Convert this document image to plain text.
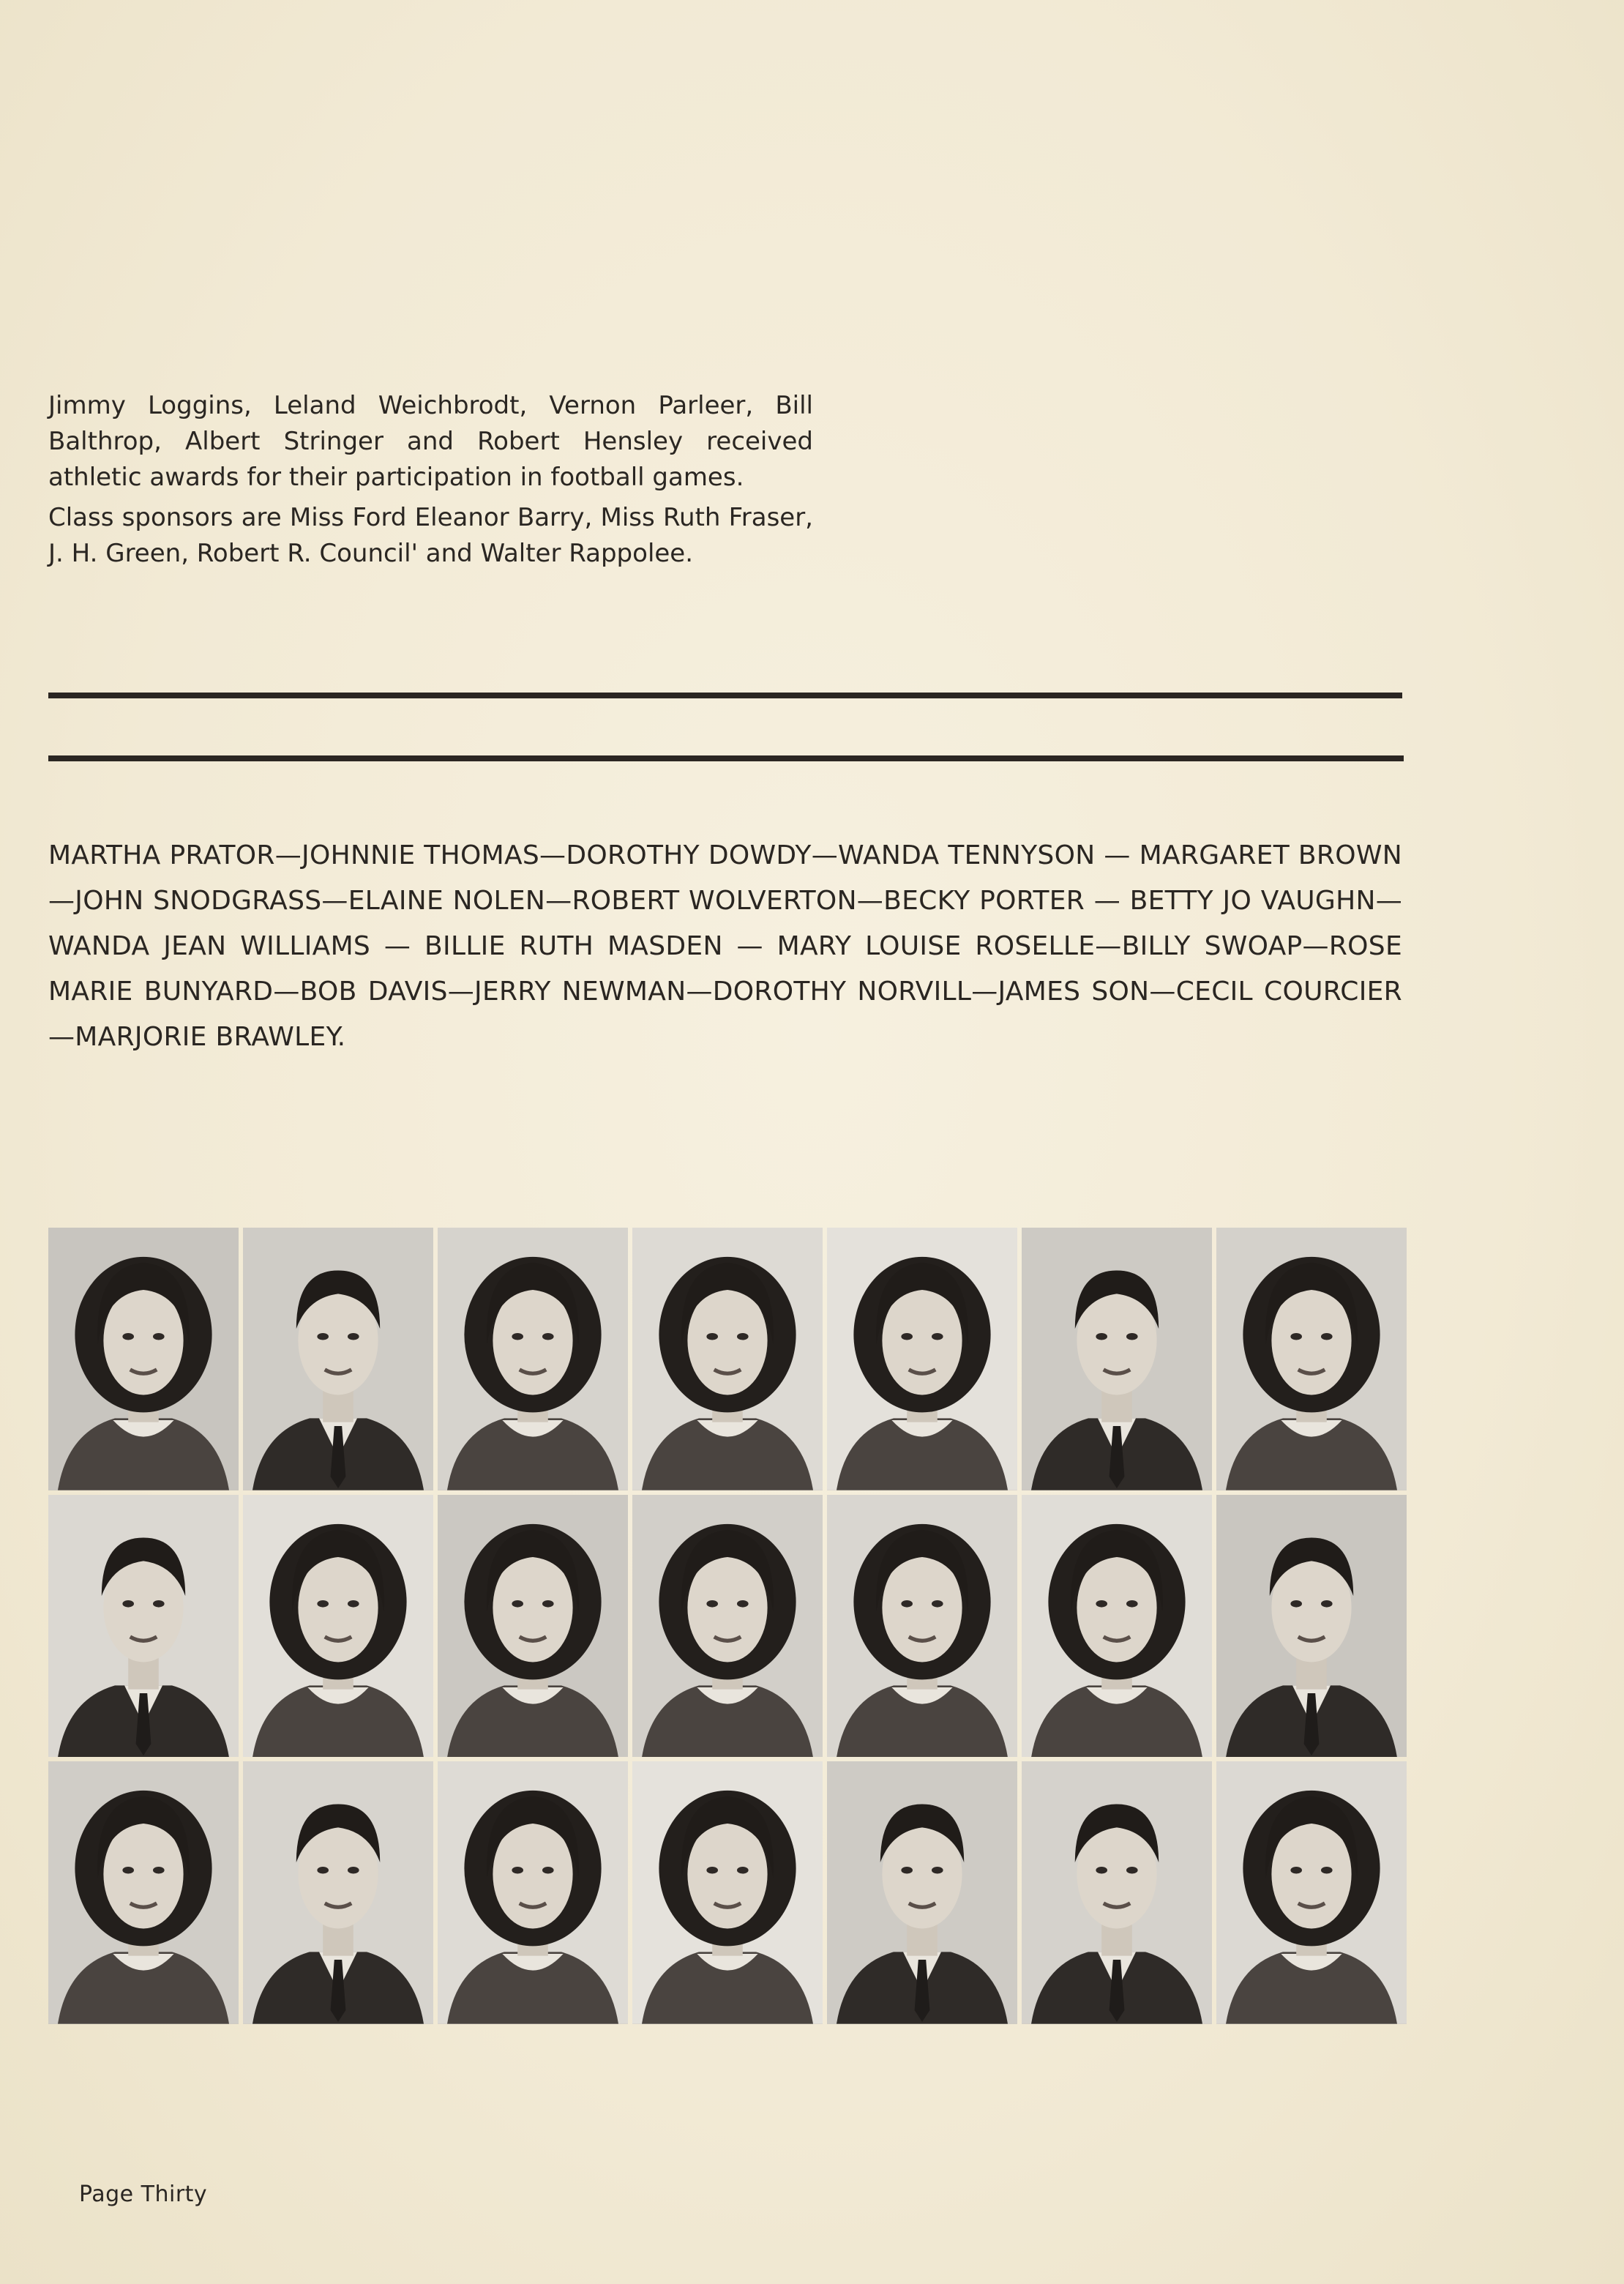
Jimmy Loggins, Leland Weichbrodt, Vernon Parleer, Bill Balthrop, Albert Stringer and Robert Hensley received athletic awards for their participation in football games.

Class sponsors are Miss Ford Eleanor Barry, Miss Ruth Fraser, J. H. Green, Robert R. Council' and Walter Rappolee.

MARTHA PRATOR—JOHNNIE THOMAS—DOROTHY DOWDY—WANDA TENNYSON — MARGARET BROWN—JOHN SNODGRASS—ELAINE NOLEN—ROBERT WOLVERTON—BECKY PORTER — BETTY JO VAUGHN—WANDA JEAN WILLIAMS — BILLIE RUTH MASDEN — MARY LOUISE ROSELLE—BILLY SWOAP—ROSE MARIE BUNYARD—BOB DAVIS—JERRY NEWMAN—DOROTHY NORVILL—JAMES SON—CECIL COURCIER—MARJORIE BRAWLEY.
Page Thirty
